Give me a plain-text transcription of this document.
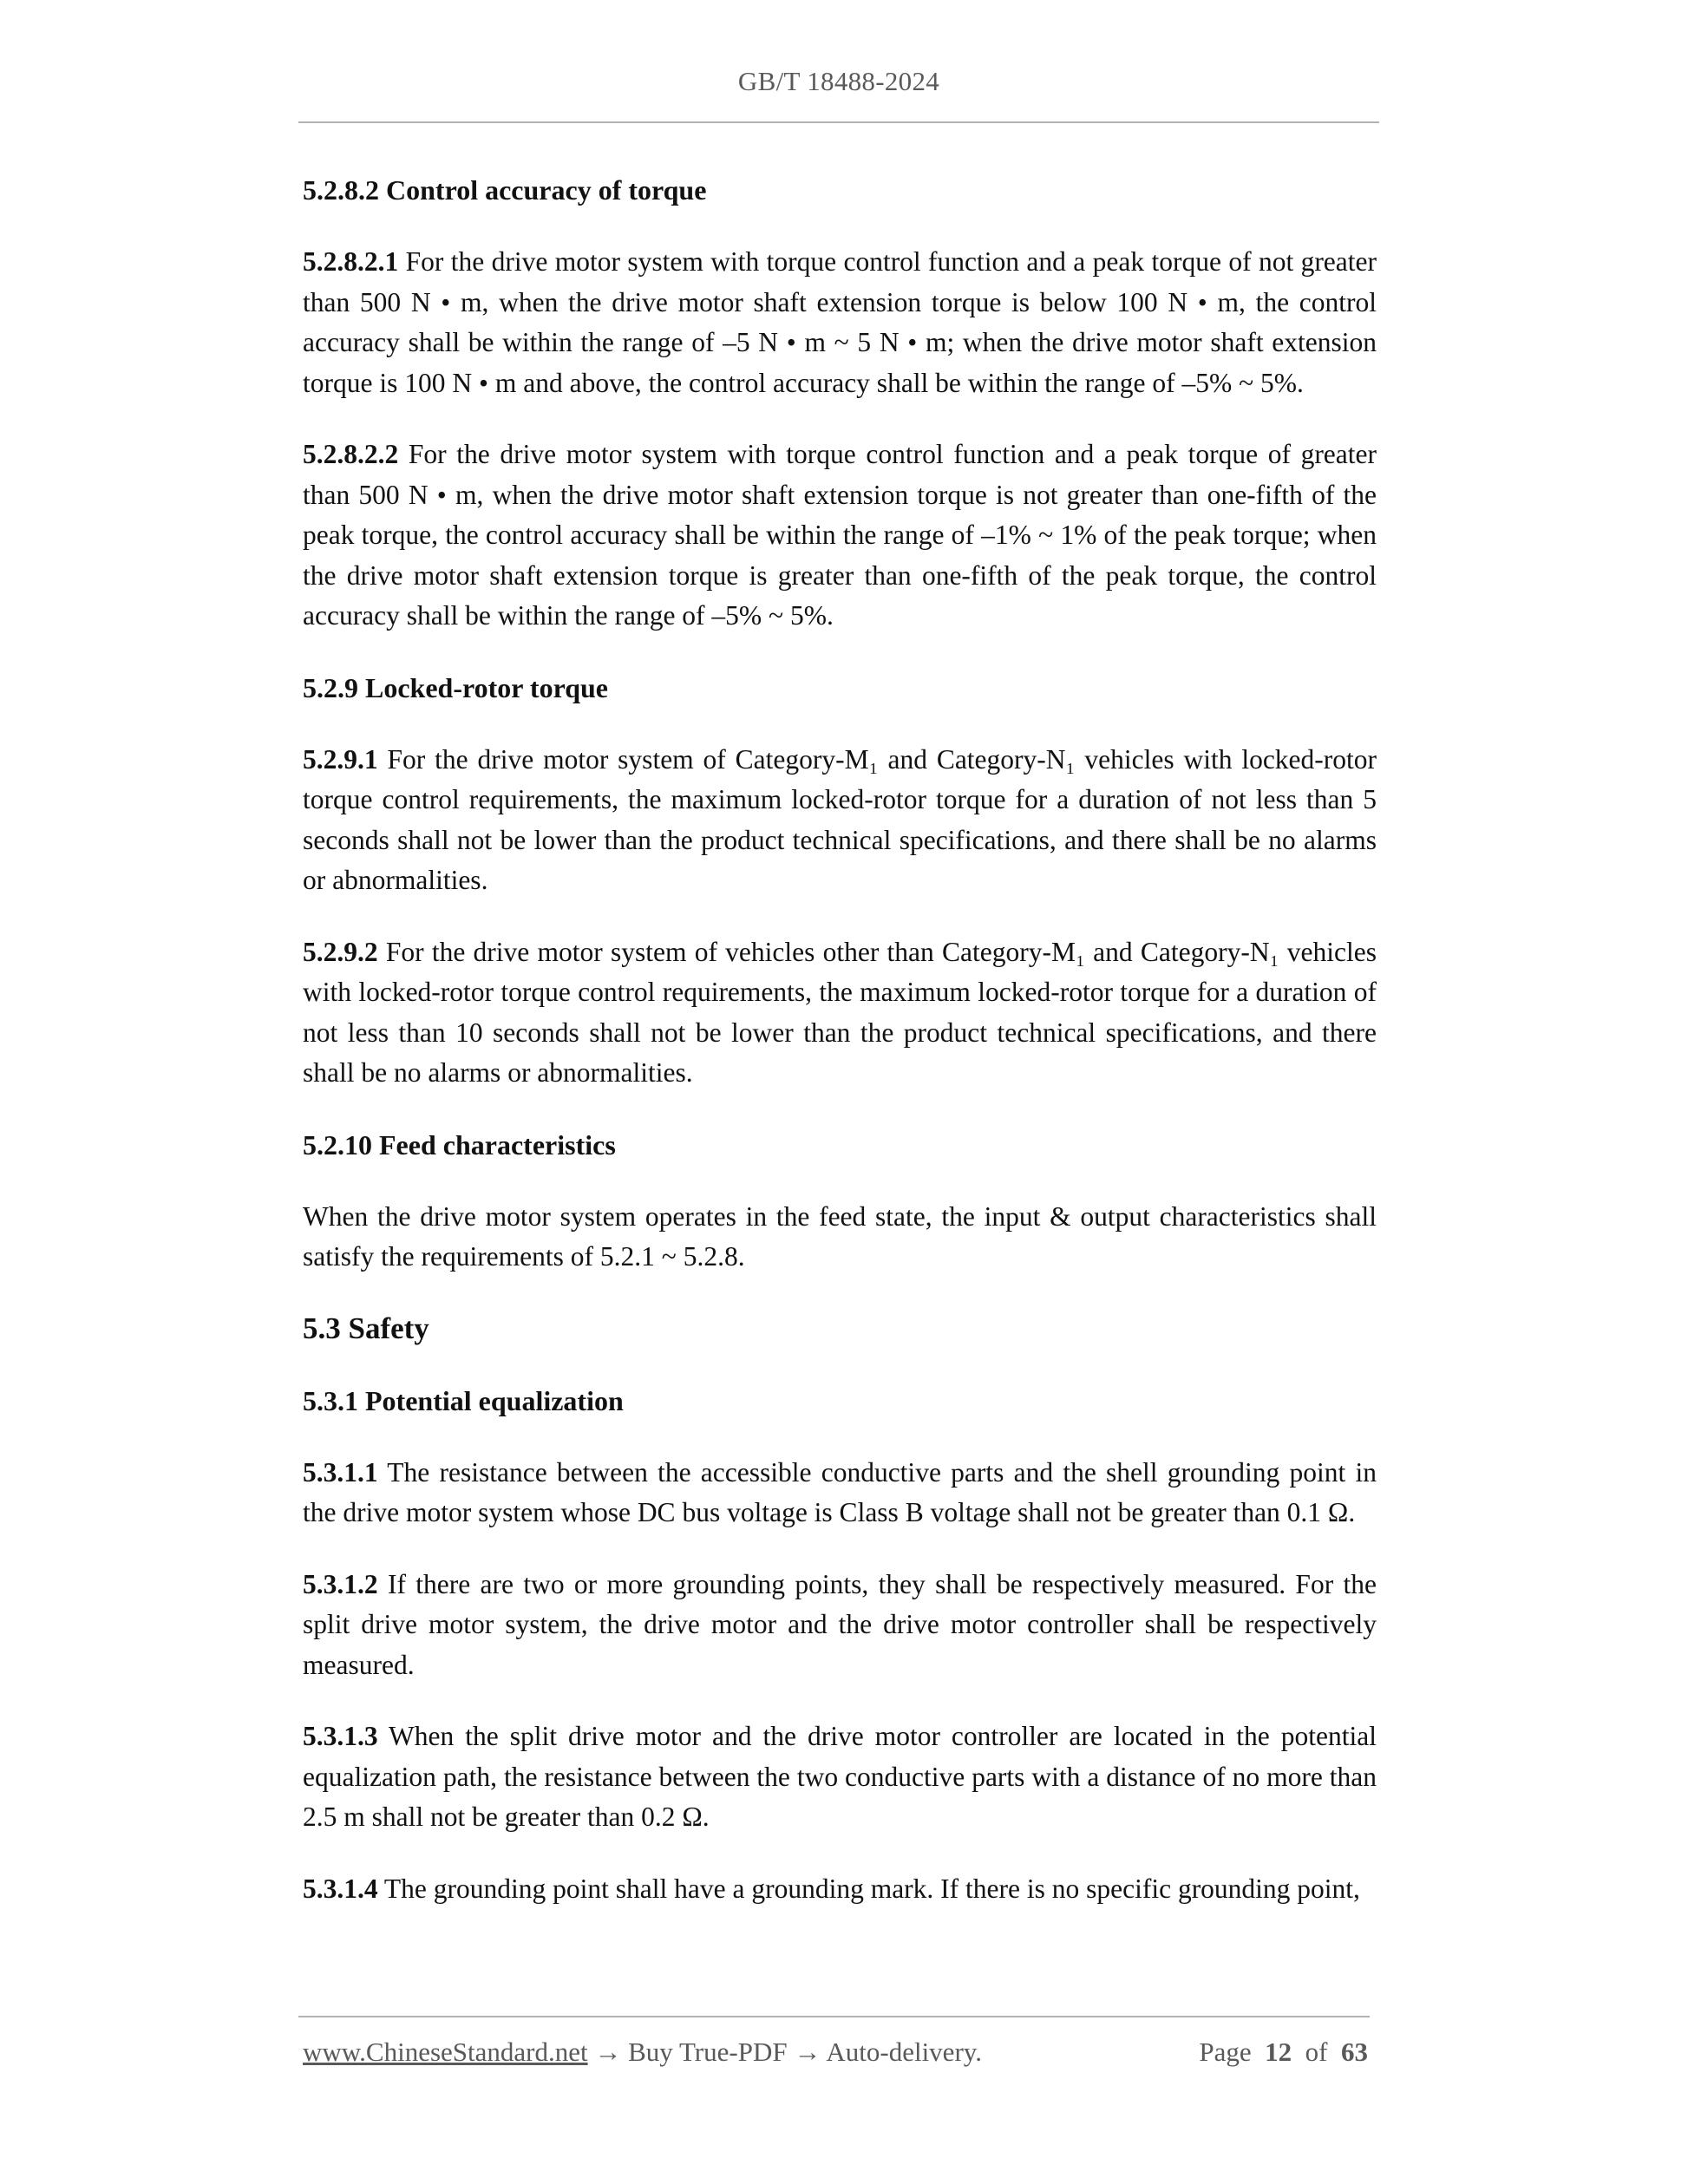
GB/T 18488-2024
5.2.8.2 Control accuracy of torque

5.2.8.2.1 For the drive motor system with torque control function and a peak torque of not greater than 500 N • m, when the drive motor shaft extension torque is below 100 N • m, the control accuracy shall be within the range of –5 N • m ~ 5 N • m; when the drive motor shaft extension torque is 100 N • m and above, the control accuracy shall be within the range of –5% ~ 5%.

5.2.8.2.2 For the drive motor system with torque control function and a peak torque of greater than 500 N • m, when the drive motor shaft extension torque is not greater than one-fifth of the peak torque, the control accuracy shall be within the range of –1% ~ 1% of the peak torque; when the drive motor shaft extension torque is greater than one-fifth of the peak torque, the control accuracy shall be within the range of –5% ~ 5%.

5.2.9 Locked-rotor torque

5.2.9.1 For the drive motor system of Category-M₁ and Category-N₁ vehicles with locked-rotor torque control requirements, the maximum locked-rotor torque for a duration of not less than 5 seconds shall not be lower than the product technical specifications, and there shall be no alarms or abnormalities.

5.2.9.2 For the drive motor system of vehicles other than Category-M₁ and Category-N₁ vehicles with locked-rotor torque control requirements, the maximum locked-rotor torque for a duration of not less than 10 seconds shall not be lower than the product technical specifications, and there shall be no alarms or abnormalities.

5.2.10 Feed characteristics

When the drive motor system operates in the feed state, the input & output characteristics shall satisfy the requirements of 5.2.1 ~ 5.2.8.

5.3 Safety
5.3.1 Potential equalization

5.3.1.1 The resistance between the accessible conductive parts and the shell grounding point in the drive motor system whose DC bus voltage is Class B voltage shall not be greater than 0.1 Ω.

5.3.1.2 If there are two or more grounding points, they shall be respectively measured. For the split drive motor system, the drive motor and the drive motor controller shall be respectively measured.

5.3.1.3 When the split drive motor and the drive motor controller are located in the potential equalization path, the resistance between the two conductive parts with a distance of no more than 2.5 m shall not be greater than 0.2 Ω.

5.3.1.4 The grounding point shall have a grounding mark. If there is no specific grounding point,

www.ChineseStandard.net → Buy True-PDF → Auto-delivery.	Page 12 of 63
